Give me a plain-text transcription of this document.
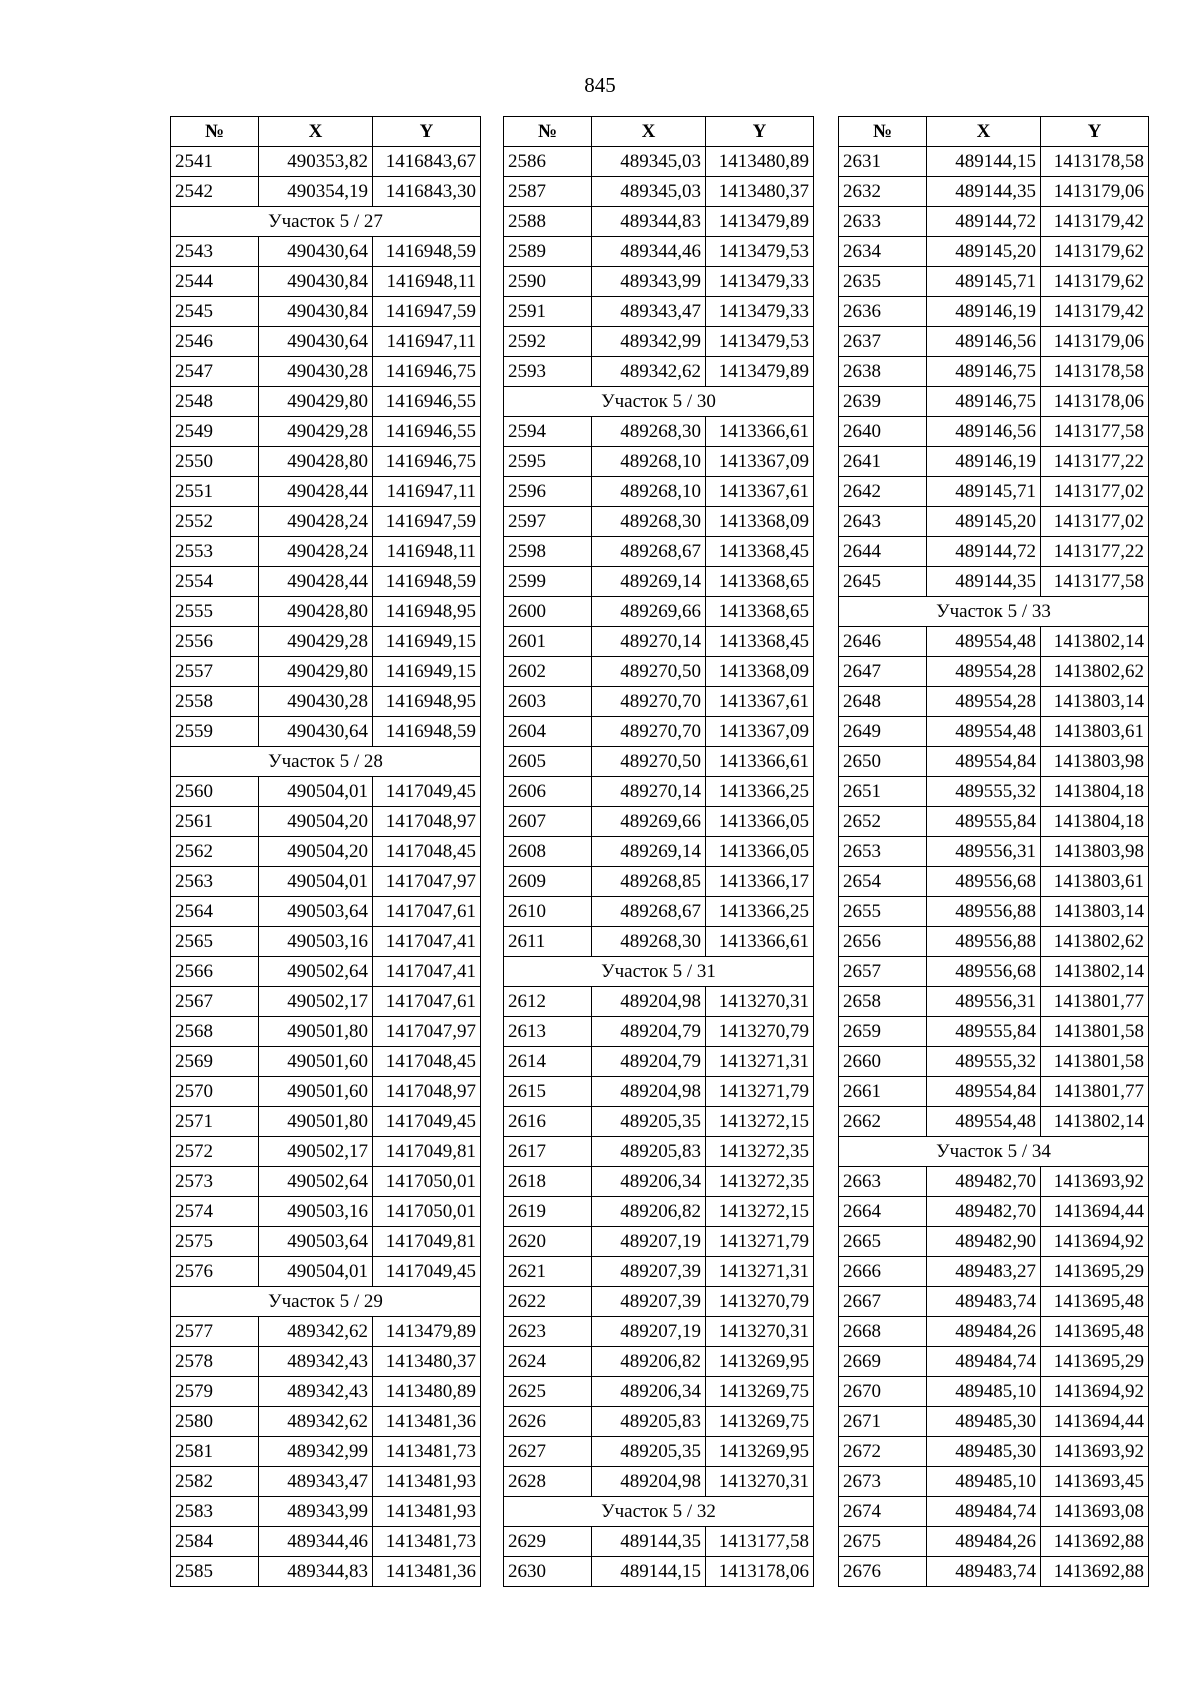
845
№	X	Y
2541	490353,82	1416843,67
2542	490354,19	1416843,30
Участок 5 / 27		
2543	490430,64	1416948,59
2544	490430,84	1416948,11
2545	490430,84	1416947,59
2546	490430,64	1416947,11
2547	490430,28	1416946,75
2548	490429,80	1416946,55
2549	490429,28	1416946,55
2550	490428,80	1416946,75
2551	490428,44	1416947,11
2552	490428,24	1416947,59
2553	490428,24	1416948,11
2554	490428,44	1416948,59
2555	490428,80	1416948,95
2556	490429,28	1416949,15
2557	490429,80	1416949,15
2558	490430,28	1416948,95
2559	490430,64	1416948,59
Участок 5 / 28		
2560	490504,01	1417049,45
2561	490504,20	1417048,97
2562	490504,20	1417048,45
2563	490504,01	1417047,97
2564	490503,64	1417047,61
2565	490503,16	1417047,41
2566	490502,64	1417047,41
2567	490502,17	1417047,61
2568	490501,80	1417047,97
2569	490501,60	1417048,45
2570	490501,60	1417048,97
2571	490501,80	1417049,45
2572	490502,17	1417049,81
2573	490502,64	1417050,01
2574	490503,16	1417050,01
2575	490503,64	1417049,81
2576	490504,01	1417049,45
Участок 5 / 29		
2577	489342,62	1413479,89
2578	489342,43	1413480,37
2579	489342,43	1413480,89
2580	489342,62	1413481,36
2581	489342,99	1413481,73
2582	489343,47	1413481,93
2583	489343,99	1413481,93
2584	489344,46	1413481,73
2585	489344,83	1413481,36
№	X	Y
2586	489345,03	1413480,89
2587	489345,03	1413480,37
2588	489344,83	1413479,89
2589	489344,46	1413479,53
2590	489343,99	1413479,33
2591	489343,47	1413479,33
2592	489342,99	1413479,53
2593	489342,62	1413479,89
Участок 5 / 30		
2594	489268,30	1413366,61
2595	489268,10	1413367,09
2596	489268,10	1413367,61
2597	489268,30	1413368,09
2598	489268,67	1413368,45
2599	489269,14	1413368,65
2600	489269,66	1413368,65
2601	489270,14	1413368,45
2602	489270,50	1413368,09
2603	489270,70	1413367,61
2604	489270,70	1413367,09
2605	489270,50	1413366,61
2606	489270,14	1413366,25
2607	489269,66	1413366,05
2608	489269,14	1413366,05
2609	489268,85	1413366,17
2610	489268,67	1413366,25
2611	489268,30	1413366,61
Участок 5 / 31		
2612	489204,98	1413270,31
2613	489204,79	1413270,79
2614	489204,79	1413271,31
2615	489204,98	1413271,79
2616	489205,35	1413272,15
2617	489205,83	1413272,35
2618	489206,34	1413272,35
2619	489206,82	1413272,15
2620	489207,19	1413271,79
2621	489207,39	1413271,31
2622	489207,39	1413270,79
2623	489207,19	1413270,31
2624	489206,82	1413269,95
2625	489206,34	1413269,75
2626	489205,83	1413269,75
2627	489205,35	1413269,95
2628	489204,98	1413270,31
Участок 5 / 32		
2629	489144,35	1413177,58
2630	489144,15	1413178,06
№	X	Y
2631	489144,15	1413178,58
2632	489144,35	1413179,06
2633	489144,72	1413179,42
2634	489145,20	1413179,62
2635	489145,71	1413179,62
2636	489146,19	1413179,42
2637	489146,56	1413179,06
2638	489146,75	1413178,58
2639	489146,75	1413178,06
2640	489146,56	1413177,58
2641	489146,19	1413177,22
2642	489145,71	1413177,02
2643	489145,20	1413177,02
2644	489144,72	1413177,22
2645	489144,35	1413177,58
Участок 5 / 33		
2646	489554,48	1413802,14
2647	489554,28	1413802,62
2648	489554,28	1413803,14
2649	489554,48	1413803,61
2650	489554,84	1413803,98
2651	489555,32	1413804,18
2652	489555,84	1413804,18
2653	489556,31	1413803,98
2654	489556,68	1413803,61
2655	489556,88	1413803,14
2656	489556,88	1413802,62
2657	489556,68	1413802,14
2658	489556,31	1413801,77
2659	489555,84	1413801,58
2660	489555,32	1413801,58
2661	489554,84	1413801,77
2662	489554,48	1413802,14
Участок 5 / 34		
2663	489482,70	1413693,92
2664	489482,70	1413694,44
2665	489482,90	1413694,92
2666	489483,27	1413695,29
2667	489483,74	1413695,48
2668	489484,26	1413695,48
2669	489484,74	1413695,29
2670	489485,10	1413694,92
2671	489485,30	1413694,44
2672	489485,30	1413693,92
2673	489485,10	1413693,45
2674	489484,74	1413693,08
2675	489484,26	1413692,88
2676	489483,74	1413692,88
